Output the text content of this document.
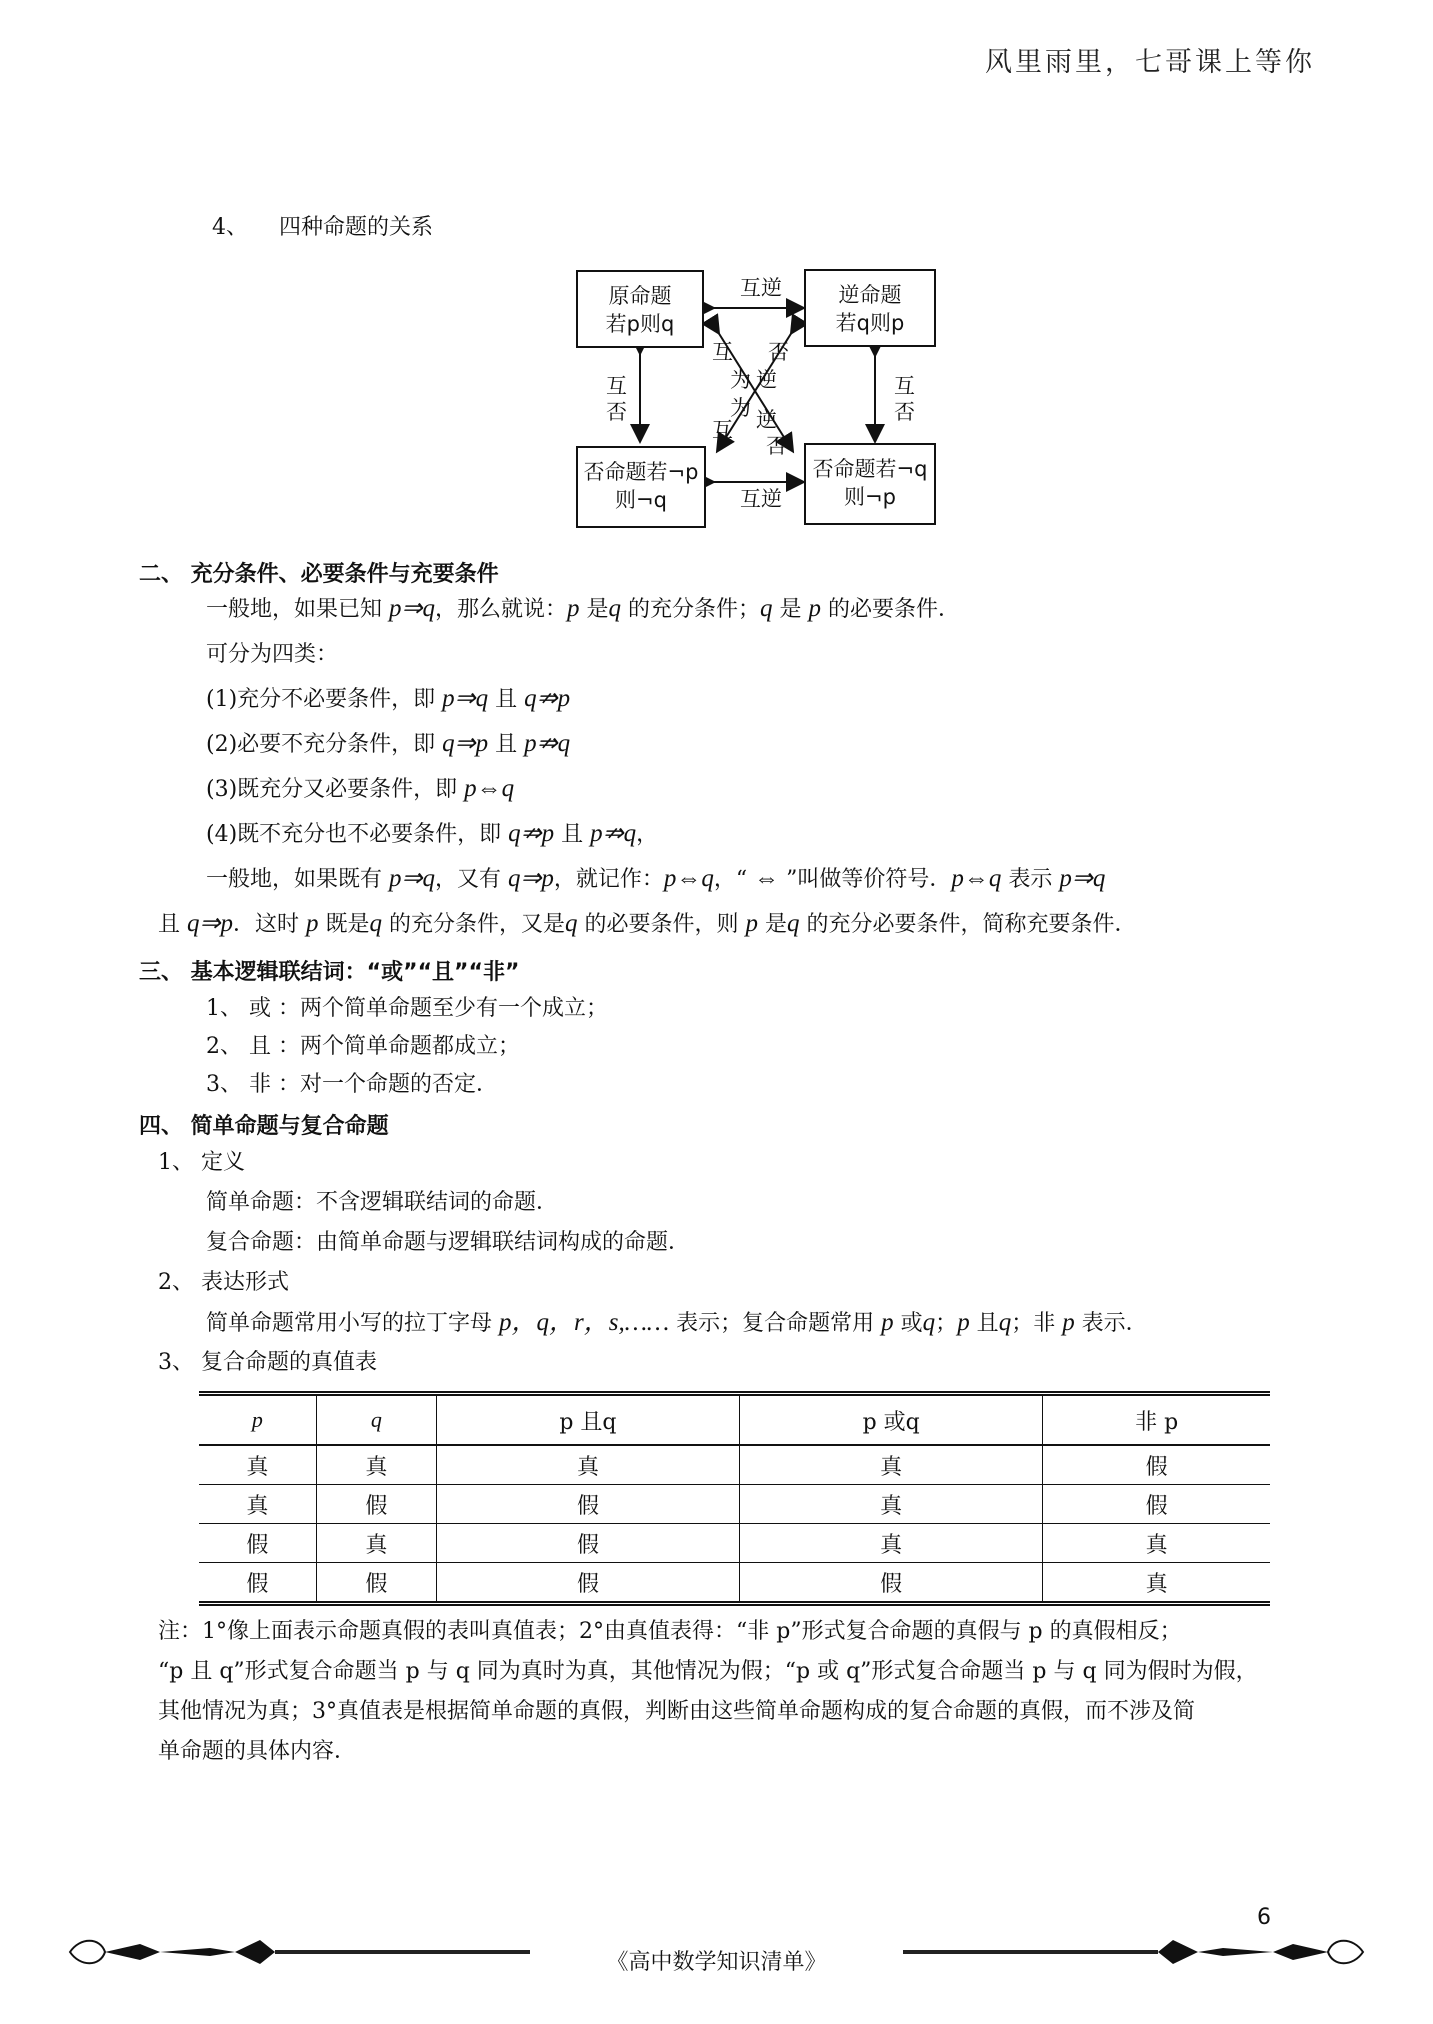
风里雨里，七哥课上等你
4、 四种命题的关系
原命题
若p则q
逆命题
若q则p
否命题若¬p
则¬q
否命题若¬q
则¬p
互逆
互逆
互
否
互
否
互 否
为 逆
为 逆
互
否
二、 充分条件、必要条件与充要条件
一般地，如果已知 p⇒q，那么就说：p 是q 的充分条件；q 是 p 的必要条件．
可分为四类：
(1)充分不必要条件，即 p⇒q 且 q⇏p
(2)必要不充分条件，即 q⇒p 且 p⇏q
(3)既充分又必要条件，即 p⇔q
(4)既不充分也不必要条件，即 q⇏p 且 p⇏q，
一般地，如果既有 p⇒q，又有 q⇒p，就记作：p⇔q，“ ⇔ ”叫做等价符号．p⇔q 表示 p⇒q
且 q⇒p．这时 p 既是q 的充分条件，又是q 的必要条件，则 p 是q 的充分必要条件，简称充要条件．
三、 基本逻辑联结词：“或”“且”“非”
1、 或 ：两个简单命题至少有一个成立；
2、 且 ：两个简单命题都成立；
3、 非 ：对一个命题的否定．
四、 简单命题与复合命题
1、 定义
简单命题：不含逻辑联结词的命题．
复合命题：由简单命题与逻辑联结词构成的命题．
2、 表达形式
简单命题常用小写的拉丁字母 p，q，r，s,…… 表示；复合命题常用 p 或q；p 且q；非 p 表示．
3、 复合命题的真值表
p	q	p 且q	p 或q	非 p
真	真	真	真	假
真	假	假	真	假
假	真	假	真	真
假	假	假	假	真
注：1°像上面表示命题真假的表叫真值表；2°由真值表得：“非 p”形式复合命题的真假与 p 的真假相反；
“p 且 q”形式复合命题当 p 与 q 同为真时为真，其他情况为假；“p 或 q”形式复合命题当 p 与 q 同为假时为假，
其他情况为真；3°真值表是根据简单命题的真假，判断由这些简单命题构成的复合命题的真假，而不涉及简
单命题的具体内容．
6
《高中数学知识清单》
